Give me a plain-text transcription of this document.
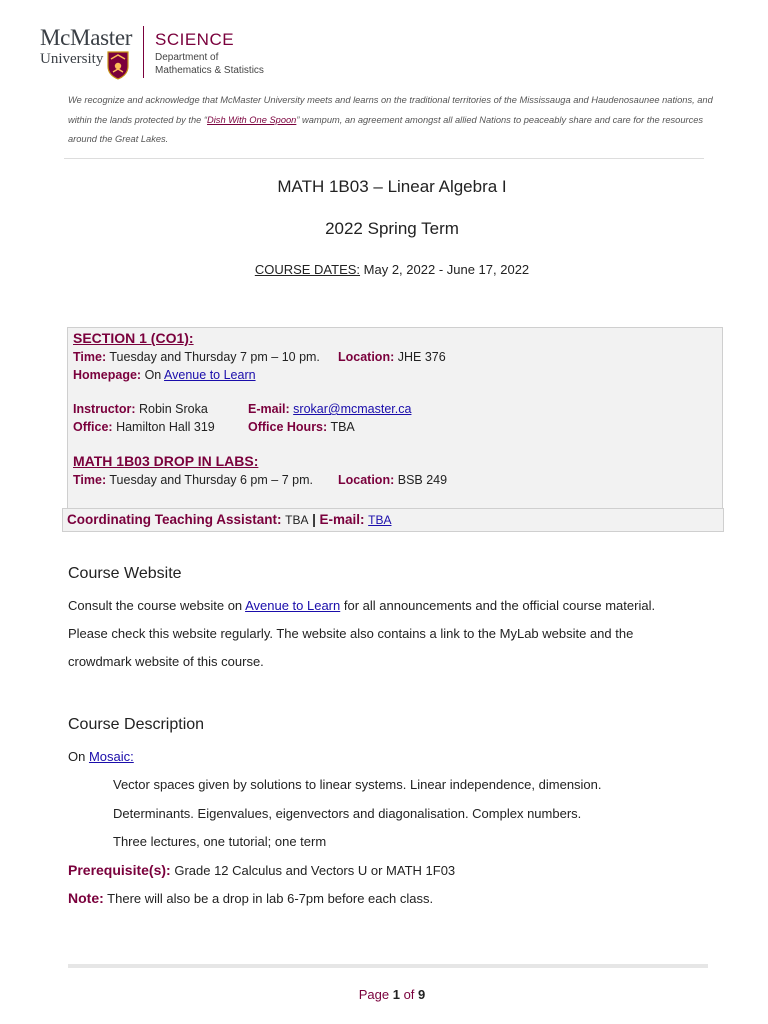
McMaster
University
SCIENCE
Department of
Mathematics & Statistics
We recognize and acknowledge that McMaster University meets and learns on the traditional territories of the Mississauga and Haudenosaunee nations, and within the lands protected by the “Dish With One Spoon” wampum, an agreement amongst all allied Nations to peaceably share and care for the resources around the Great Lakes.
MATH 1B03 – Linear Algebra I
2022 Spring Term
COURSE DATES: May 2, 2022 - June 17, 2022
SECTION 1 (CO1):
Time: Tuesday and Thursday 7 pm – 10 pm. Location: JHE 376
Homepage: On Avenue to Learn
Instructor: Robin Sroka	E-mail: srokar@mcmaster.ca
Office: Hamilton Hall 319	Office Hours: TBA
MATH 1B03 DROP IN LABS:
Time: Tuesday and Thursday 6 pm – 7 pm. Location: BSB 249
Coordinating Teaching Assistant: TBA | E-mail: TBA
Course Website
Consult the course website on Avenue to Learn for all announcements and the official course material.
Please check this website regularly. The website also contains a link to the MyLab website and the
crowdmark website of this course.
Course Description
On Mosaic:
Vector spaces given by solutions to linear systems. Linear independence, dimension.
Determinants. Eigenvalues, eigenvectors and diagonalisation. Complex numbers.
Three lectures, one tutorial; one term
Prerequisite(s): Grade 12 Calculus and Vectors U or MATH 1F03
Note: There will also be a drop in lab 6-7pm before each class.
Page 1 of 9
